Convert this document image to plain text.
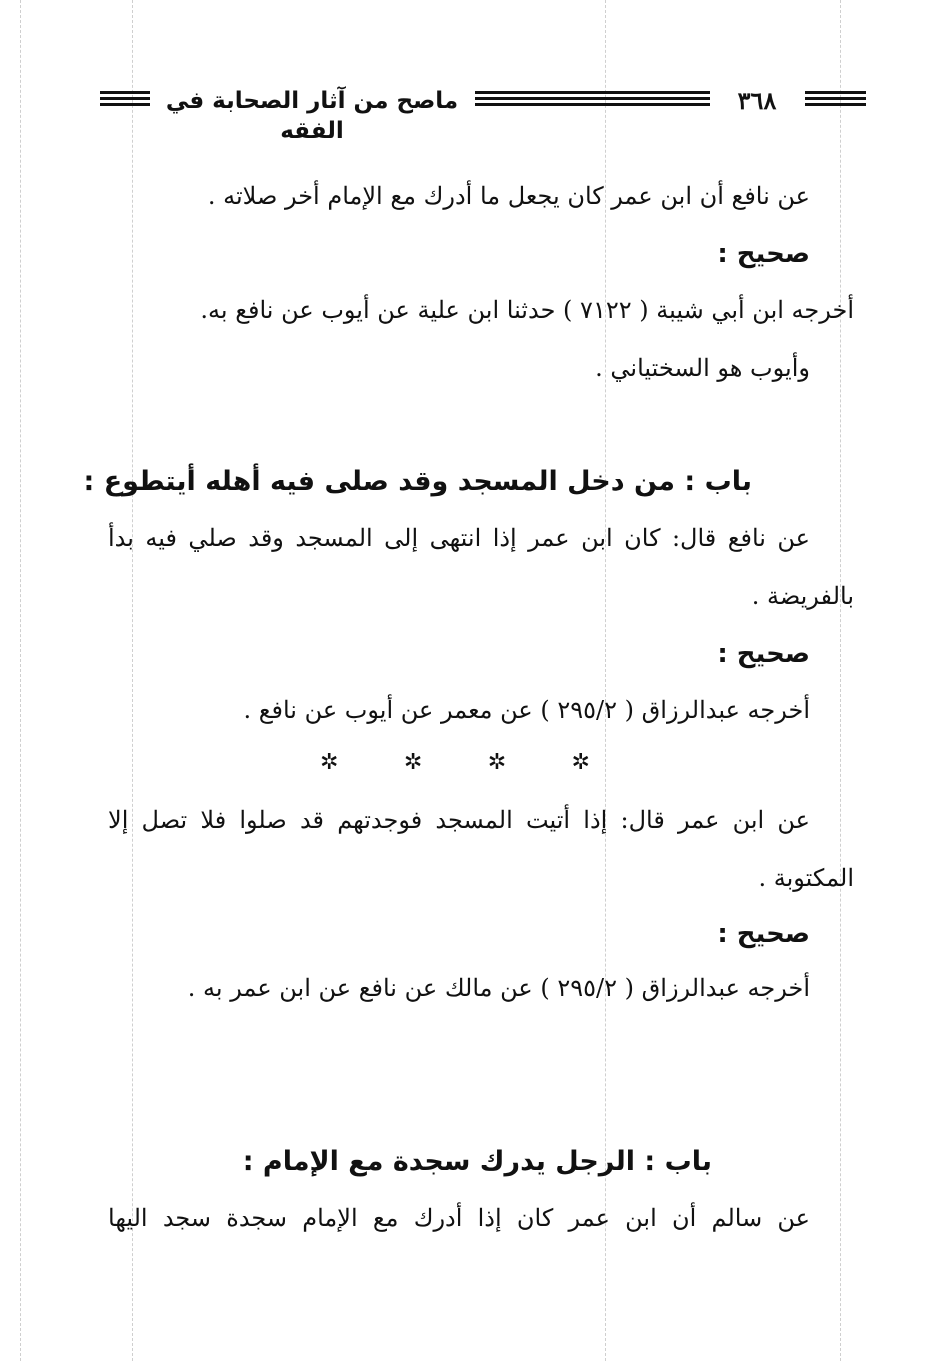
ماصح من آثار الصحابة في الفقه
٣٦٨
عن نافع أن ابن عمر كان يجعل ما أدرك مع الإمام أخر صلاته .
صحيح :
أخرجه ابن أبي شيبة ( ٧١٢٢ ) حدثنا ابن علية عن أيوب عن نافع به.
وأيوب هو السختياني .
باب : من دخل المسجد وقد صلى فيه أهله أيتطوع :
عن نافع قال: كان ابن عمر إذا انتهى إلى المسجد وقد صلي فيه بدأ
بالفريضة .
صحيح :
أخرجه عبدالرزاق ( ٢٩٥/٢ ) عن معمر عن أيوب عن نافع .
✲	✲	✲	✲
عن ابن عمر قال: إذا أتيت المسجد فوجدتهم قد صلوا فلا تصل إلا
المكتوبة .
صحيح :
أخرجه عبدالرزاق ( ٢٩٥/٢ ) عن مالك عن نافع عن ابن عمر به .
باب : الرجل يدرك سجدة مع الإمام :
عن سالم أن ابن عمر كان إذا أدرك مع الإمام سجدة سجد اليها
